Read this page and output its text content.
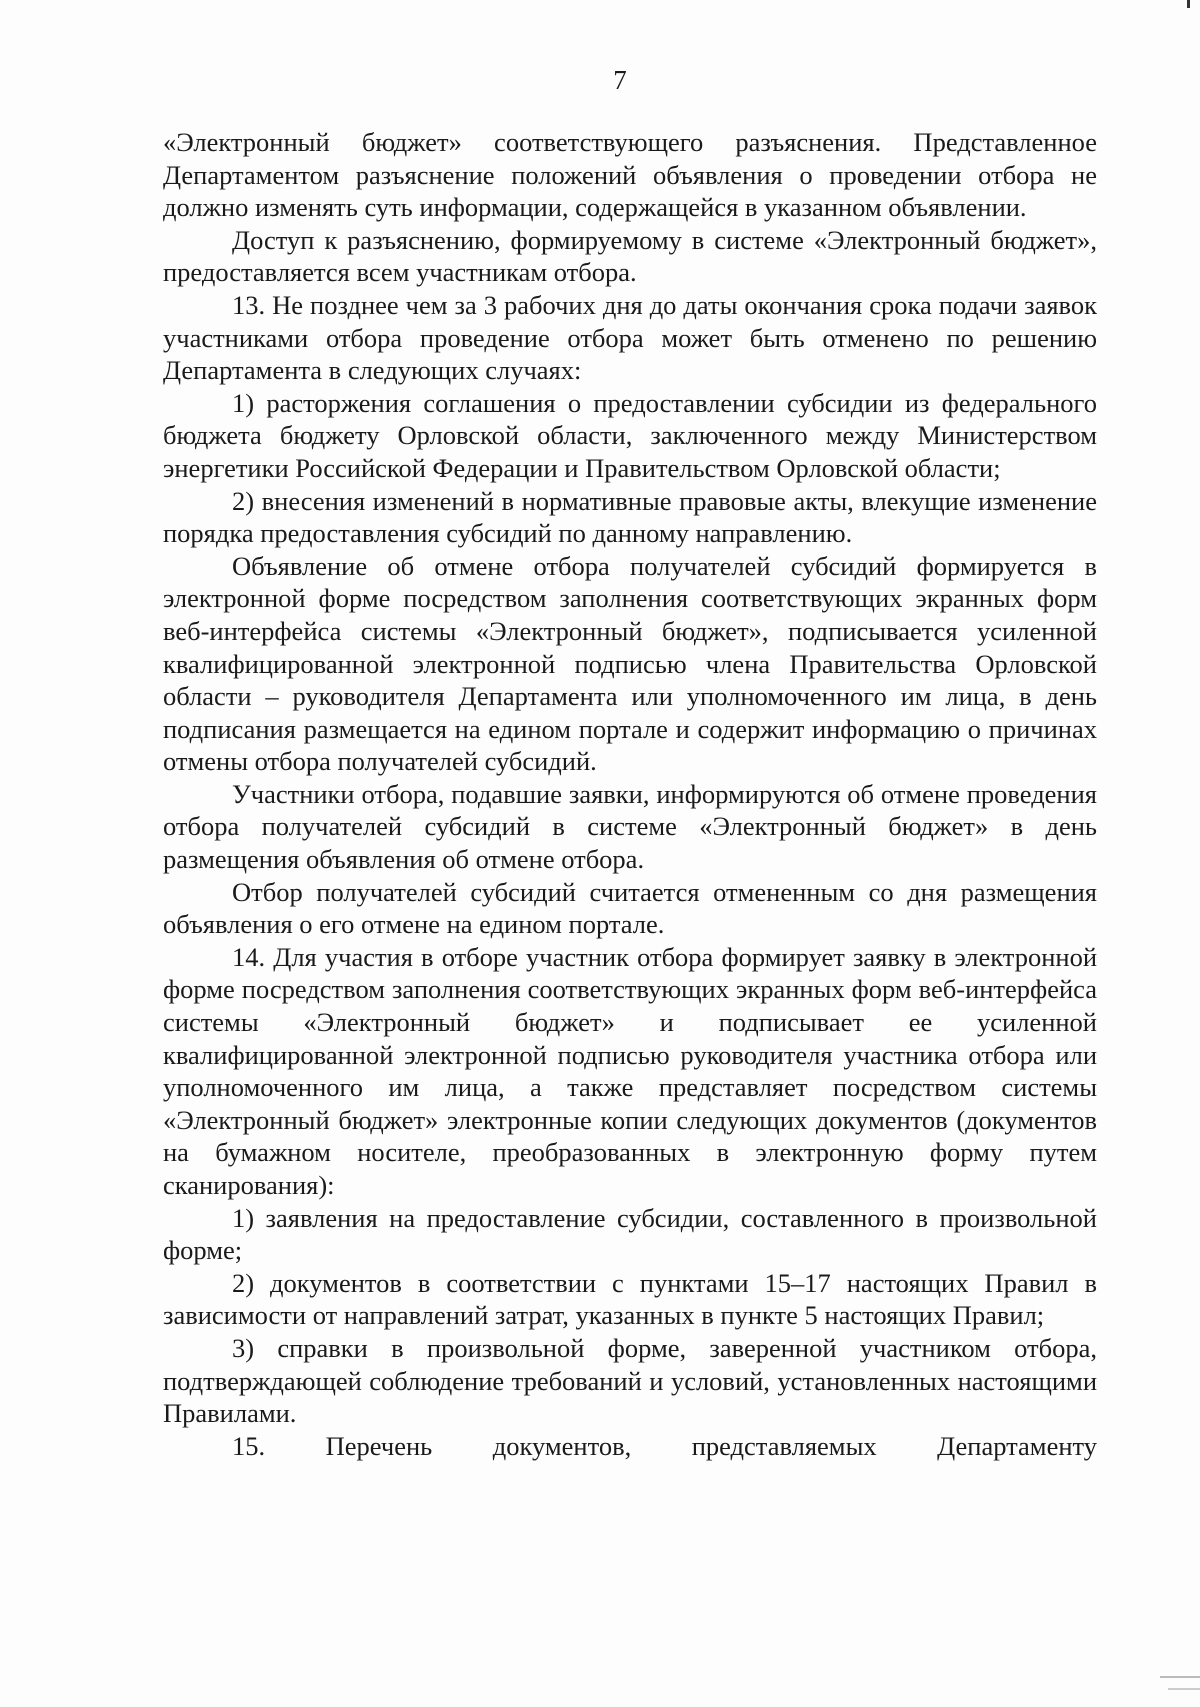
7

«Электронный бюджет» соответствующего разъяснения. Представленное Департаментом разъяснение положений объявления о проведении отбора не должно изменять суть информации, содержащейся в указанном объявлении.

Доступ к разъяснению, формируемому в системе «Электронный бюджет», предоставляется всем участникам отбора.

13. Не позднее чем за 3 рабочих дня до даты окончания срока подачи заявок участниками отбора проведение отбора может быть отменено по решению Департамента в следующих случаях:

1) расторжения соглашения о предоставлении субсидии из федерального бюджета бюджету Орловской области, заключенного между Министерством энергетики Российской Федерации и Правительством Орловской области;

2) внесения изменений в нормативные правовые акты, влекущие изменение порядка предоставления субсидий по данному направлению.

Объявление об отмене отбора получателей субсидий формируется в электронной форме посредством заполнения соответствующих экранных форм веб-интерфейса системы «Электронный бюджет», подписывается усиленной квалифицированной электронной подписью члена Правительства Орловской области – руководителя Департамента или уполномоченного им лица, в день подписания размещается на едином портале и содержит информацию о причинах отмены отбора получателей субсидий.

Участники отбора, подавшие заявки, информируются об отмене проведения отбора получателей субсидий в системе «Электронный бюджет» в день размещения объявления об отмене отбора.

Отбор получателей субсидий считается отмененным со дня размещения объявления о его отмене на едином портале.

14. Для участия в отборе участник отбора формирует заявку в электронной форме посредством заполнения соответствующих экранных форм веб-интерфейса системы «Электронный бюджет» и подписывает ее усиленной квалифицированной электронной подписью руководителя участника отбора или уполномоченного им лица, а также представляет посредством системы «Электронный бюджет» электронные копии следующих документов (документов на бумажном носителе, преобразованных в электронную форму путем сканирования):

1) заявления на предоставление субсидии, составленного в произвольной форме;

2) документов в соответствии с пунктами 15–17 настоящих Правил в зависимости от направлений затрат, указанных в пункте 5 настоящих Правил;

3) справки в произвольной форме, заверенной участником отбора, подтверждающей соблюдение требований и условий, установленных настоящими Правилами.

15. Перечень документов, представляемых Департаменту
